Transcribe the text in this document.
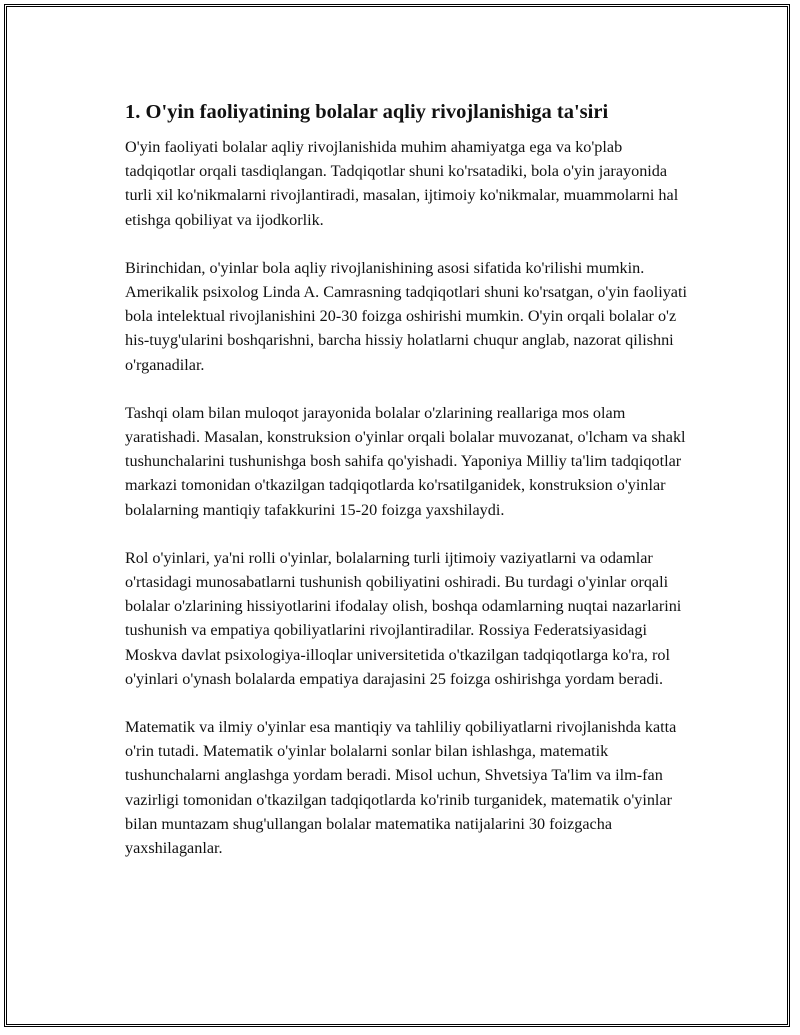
1. O'yin faoliyatining bolalar aqliy rivojlanishiga ta'siri

O'yin faoliyati bolalar aqliy rivojlanishida muhim ahamiyatga ega va ko'plab tadqiqotlar orqali tasdiqlangan. Tadqiqotlar shuni ko'rsatadiki, bola o'yin jarayonida turli xil ko'nikmalarni rivojlantiradi, masalan, ijtimoiy ko'nikmalar, muammolarni hal etishga qobiliyat va ijodkorlik.

Birinchidan, o'yinlar bola aqliy rivojlanishining asosi sifatida ko'rilishi mumkin. Amerikalik psixolog Linda A. Camrasning tadqiqotlari shuni ko'rsatgan, o'yin faoliyati bola intelektual rivojlanishini 20-30 foizga oshirishi mumkin. O'yin orqali bolalar o'z his-tuyg'ularini boshqarishni, barcha hissiy holatlarni chuqur anglab, nazorat qilishni o'rganadilar.

Tashqi olam bilan muloqot jarayonida bolalar o'zlarining reallariga mos olam yaratishadi. Masalan, konstruksion o'yinlar orqali bolalar muvozanat, o'lcham va shakl tushunchalarini tushunishga bosh sahifa qo'yishadi. Yaponiya Milliy ta'lim tadqiqotlar markazi tomonidan o'tkazilgan tadqiqotlarda ko'rsatilganidek, konstruksion o'yinlar bolalarning mantiqiy tafakkurini 15-20 foizga yaxshilaydi.

Rol o'yinlari, ya'ni rolli o'yinlar, bolalarning turli ijtimoiy vaziyatlarni va odamlar o'rtasidagi munosabatlarni tushunish qobiliyatini oshiradi. Bu turdagi o'yinlar orqali bolalar o'zlarining hissiyotlarini ifodalay olish, boshqa odamlarning nuqtai nazarlarini tushunish va empatiya qobiliyatlarini rivojlantiradilar. Rossiya Federatsiyasidagi Moskva davlat psixologiya-illoqlar universitetida o'tkazilgan tadqiqotlarga ko'ra, rol o'yinlari o'ynash bolalarda empatiya darajasini 25 foizga oshirishga yordam beradi.

Matematik va ilmiy o'yinlar esa mantiqiy va tahliliy qobiliyatlarni rivojlanishda katta o'rin tutadi. Matematik o'yinlar bolalarni sonlar bilan ishlashga, matematik tushunchalarni anglashga yordam beradi. Misol uchun, Shvetsiya Ta'lim va ilm-fan vazirligi tomonidan o'tkazilgan tadqiqotlarda ko'rinib turganidek, matematik o'yinlar bilan muntazam shug'ullangan bolalar matematika natijalarini 30 foizgacha yaxshilaganlar.
